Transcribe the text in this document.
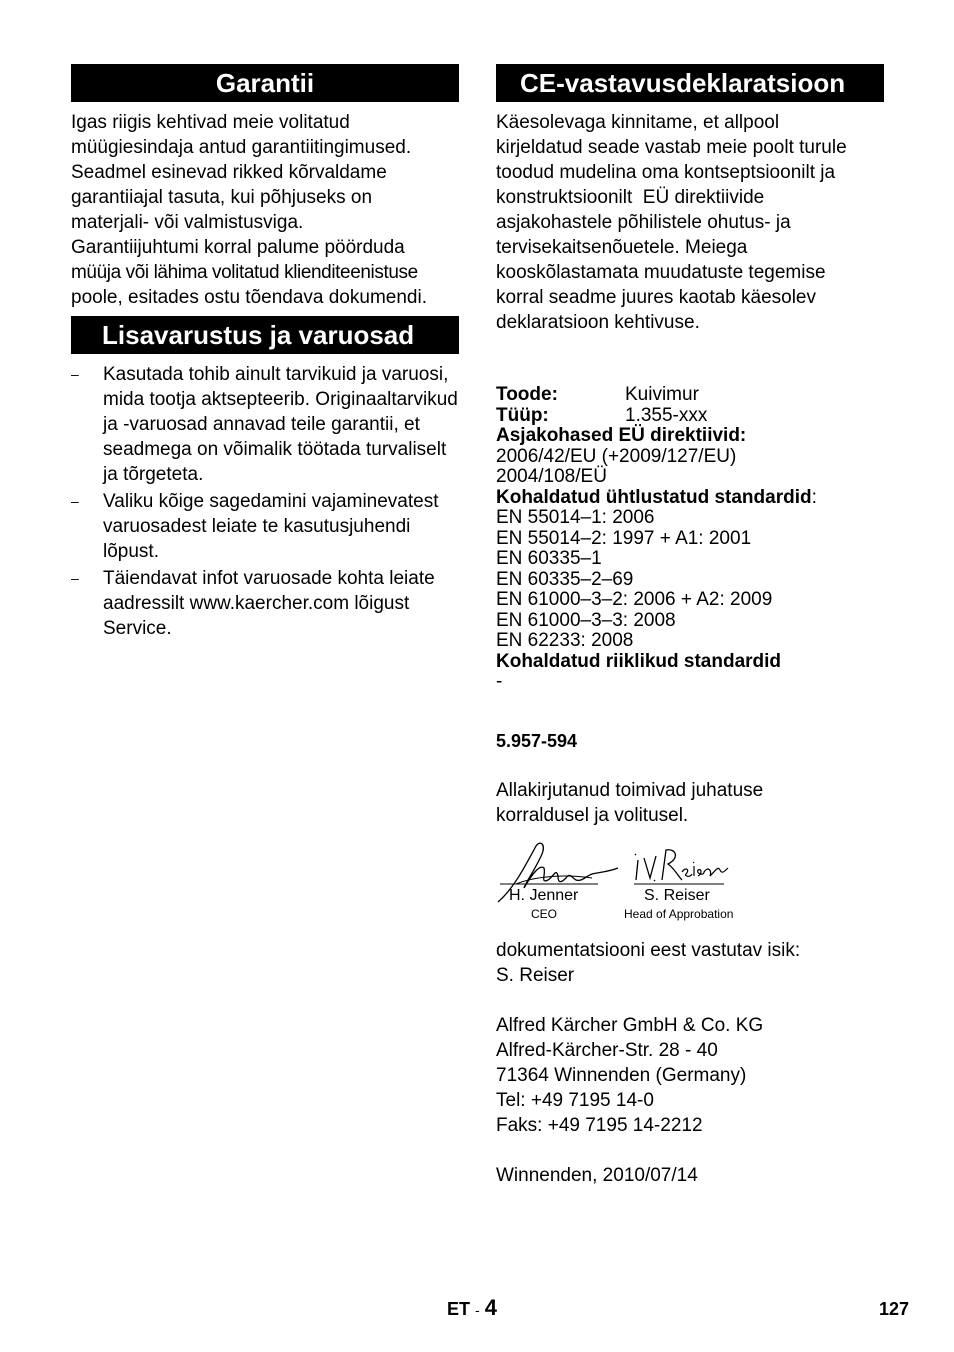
Garantii
Igas riigis kehtivad meie volitatud
müügiesindaja antud garantiitingimused.
Seadmel esinevad rikked kõrvaldame
garantiiajal tasuta, kui põhjuseks on
materjali- või valmistusviga.
Garantiijuhtumi korral palume pöörduda
müüja või lähima volitatud klienditeenistuse
poole, esitades ostu tõendava dokumendi.
Lisavarustus ja varuosad
– Kasutada tohib ainult tarvikuid ja varuosi, mida tootja aktsepteerib. Originaaltarvikud ja -varuosad annavad teile garantii, et seadmega on võimalik töötada turvaliselt ja tõrgeteta.
– Valiku kõige sagedamini vajaminevatest varuosadest leiate te kasutusjuhendi lõpust.
– Täiendavat infot varuosade kohta leiate aadressilt www.kaercher.com lõigust Service.
CE-vastavusdeklaratsioon
Käesolevaga kinnitame, et allpool
kirjeldatud seade vastab meie poolt turule
toodud mudelina oma kontseptsioonilt ja
konstruktsioonilt  EÜ direktiivide
asjakohastele põhilistele ohutus- ja
tervisekaitsenõuetele. Meiega
kooskõlastamata muudatuste tegemise
korral seadme juures kaotab käesolev
deklaratsioon kehtivuse.
Toode:	Kuivimur
Tüüp:	1.355-xxx
Asjakohased EÜ direktiivid:
2006/42/EU (+2009/127/EU)
2004/108/EÜ
Kohaldatud ühtlustatud standardid:
EN 55014–1: 2006
EN 55014–2: 1997 + A1: 2001
EN 60335–1
EN 60335–2–69
EN 61000–3–2: 2006 + A2: 2009
EN 61000–3–3: 2008
EN 62233: 2008
Kohaldatud riiklikud standardid
-
5.957-594
Allakirjutanud toimivad juhatuse
korraldusel ja volitusel.
H. Jenner
CEO
S. Reiser
Head of Approbation
dokumentatsiooni eest vastutav isik:
S. Reiser
Alfred Kärcher GmbH & Co. KG
Alfred-Kärcher-Str. 28 - 40
71364 Winnenden (Germany)
Tel: +49 7195 14-0
Faks: +49 7195 14-2212
Winnenden, 2010/07/14
ET - 4	127
